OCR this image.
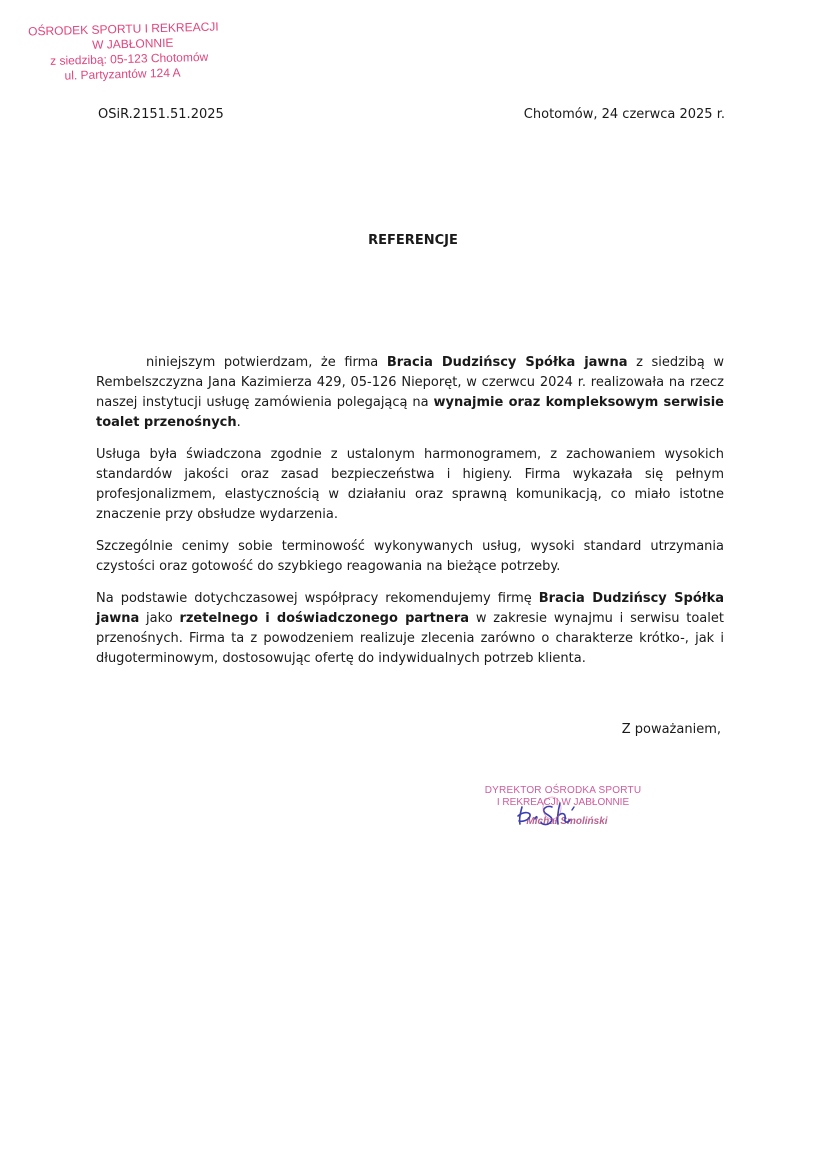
OŚRODEK SPORTU I REKREACJI
W JABŁONNIE
z siedzibą: 05-123 Chotomów
ul. Partyzantów 124 A
OSiR.2151.51.2025	Chotomów, 24 czerwca 2025 r.
REFERENCJE

niniejszym potwierdzam, że firma Bracia Dudzińscy Spółka jawna z siedzibą w Rembelszczyzna Jana Kazimierza 429, 05-126 Nieporęt, w czerwcu 2024 r. realizowała na rzecz naszej instytucji usługę zamówienia polegającą na wynajmie oraz kompleksowym serwisie toalet przenośnych.

Usługa była świadczona zgodnie z ustalonym harmonogramem, z zachowaniem wysokich standardów jakości oraz zasad bezpieczeństwa i higieny. Firma wykazała się pełnym profesjonalizmem, elastycznością w działaniu oraz sprawną komunikacją, co miało istotne znaczenie przy obsłudze wydarzenia.

Szczególnie cenimy sobie terminowość wykonywanych usług, wysoki standard utrzymania czystości oraz gotowość do szybkiego reagowania na bieżące potrzeby.

Na podstawie dotychczasowej współpracy rekomendujemy firmę Bracia Dudzińscy Spółka jawna jako rzetelnego i doświadczonego partnera w zakresie wynajmu i serwisu toalet przenośnych. Firma ta z powodzeniem realizuje zlecenia zarówno o charakterze krótko-, jak i długoterminowym, dostosowując ofertę do indywidualnych potrzeb klienta.

Z poważaniem,
DYREKTOR OŚRODKA SPORTU
I REKREACJI W JABŁONNIE
Michał Smoliński
